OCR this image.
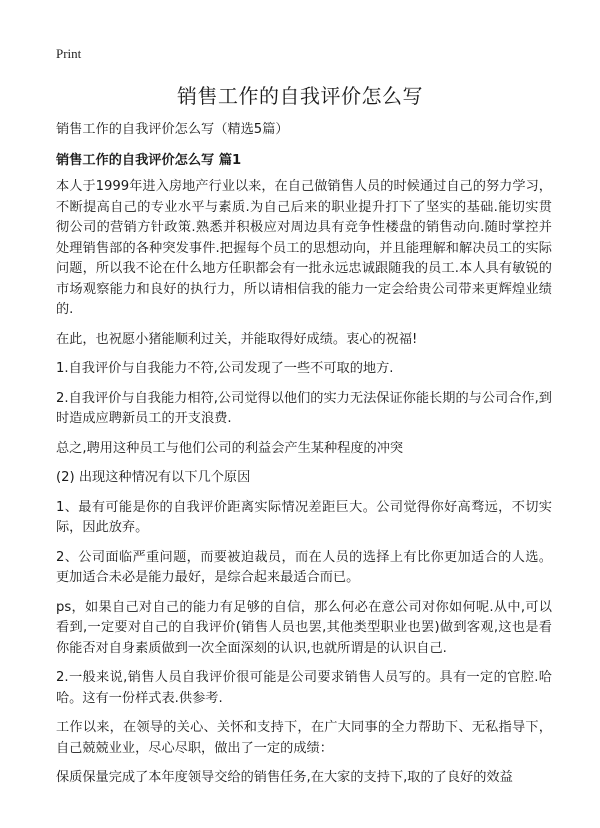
Print
销售工作的自我评价怎么写

销售工作的自我评价怎么写（精选5篇）

销售工作的自我评价怎么写 篇1

本人于1999年进入房地产行业以来，在自己做销售人员的时候通过自己的努力学习，不断提高自己的专业水平与素质.为自己后来的职业提升打下了坚实的基础.能切实贯彻公司的营销方针政策.熟悉并积极应对周边具有竞争性楼盘的销售动向.随时掌控并处理销售部的各种突发事件.把握每个员工的思想动向，并且能理解和解决员工的实际问题，所以我不论在什么地方任职都会有一批永远忠诚跟随我的员工.本人具有敏锐的市场观察能力和良好的执行力，所以请相信我的能力一定会给贵公司带来更辉煌业绩的.

在此，也祝愿小猪能顺利过关，并能取得好成绩。衷心的祝福!

1.自我评价与自我能力不符,公司发现了一些不可取的地方.

2.自我评价与自我能力相符,公司觉得以他们的实力无法保证你能长期的与公司合作,到时造成应聘新员工的开支浪费.

总之,聘用这种员工与他们公司的利益会产生某种程度的冲突

(2) 出现这种情况有以下几个原因

1、最有可能是你的自我评价距离实际情况差距巨大。公司觉得你好高骛远，不切实际，因此放弃。

2、公司面临严重问题，而要被迫裁员，而在人员的选择上有比你更加适合的人选。更加适合未必是能力最好，是综合起来最适合而已。

ps，如果自己对自己的能力有足够的自信，那么何必在意公司对你如何呢.从中,可以看到,一定要对自己的自我评价(销售人员也罢,其他类型职业也罢)做到客观,这也是看你能否对自身素质做到一次全面深刻的认识,也就所谓是的认识自己.

2.一般来说,销售人员自我评价很可能是公司要求销售人员写的。具有一定的官腔.哈哈。这有一份样式表.供参考.

工作以来，在领导的关心、关怀和支持下，在广大同事的全力帮助下、无私指导下，自己兢兢业业，尽心尽职，做出了一定的成绩：

保质保量完成了本年度领导交给的销售任务,在大家的支持下,取的了良好的效益
